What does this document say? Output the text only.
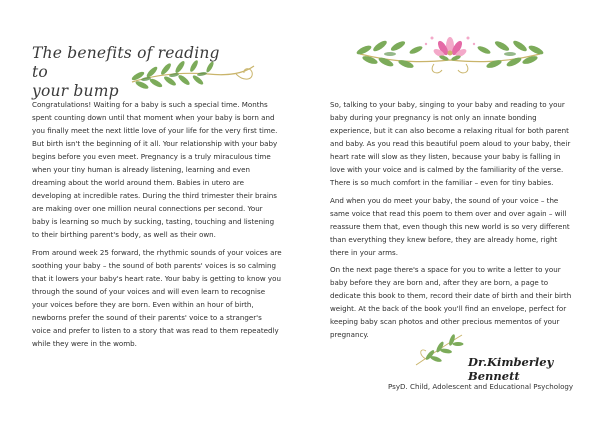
The benefits of reading to
your bump

Congratulations! Waiting for a baby is such a special time. Months spent counting down until that moment when your baby is born and you finally meet the next little love of your life for the very first time. But birth isn't the beginning of it all. Your relationship with your baby begins before you even meet. Pregnancy is a truly miraculous time when your tiny human is already listening, learning and even dreaming about the world around them. Babies in utero are developing at incredible rates. During the third trimester their brains are making over one million neural connections per second. Your baby is learning so much by sucking, tasting, touching and listening to their birthing parent's body, as well as their own.

From around week 25 forward, the rhythmic sounds of your voices are soothing your baby – the sound of both parents' voices is so calming that it lowers your baby's heart rate. Your baby is getting to know you through the sound of your voices and will even learn to recognise your voices before they are born. Even within an hour of birth, newborns prefer the sound of their parents' voice to a stranger's voice and prefer to listen to a story that was read to them repeatedly while they were in the womb.

So, talking to your baby, singing to your baby and reading to your baby during your pregnancy is not only an innate bonding experience, but it can also become a relaxing ritual for both parent and baby. As you read this beautiful poem aloud to your baby, their heart rate will slow as they listen, because your baby is falling in love with your voice and is calmed by the familiarity of the verse. There is so much comfort in the familiar – even for tiny babies.

And when you do meet your baby, the sound of your voice – the same voice that read this poem to them over and over again – will reassure them that, even though this new world is so very different than everything they knew before, they are already home, right there in your arms.

On the next page there's a space for you to write a letter to your baby before they are born and, after they are born, a page to dedicate this book to them, record their date of birth and their birth weight. At the back of the book you'll find an envelope, perfect for keeping baby scan photos and other precious mementos of your pregnancy.

Dr.Kimberley Bennett
PsyD. Child, Adolescent and Educational Psychology
